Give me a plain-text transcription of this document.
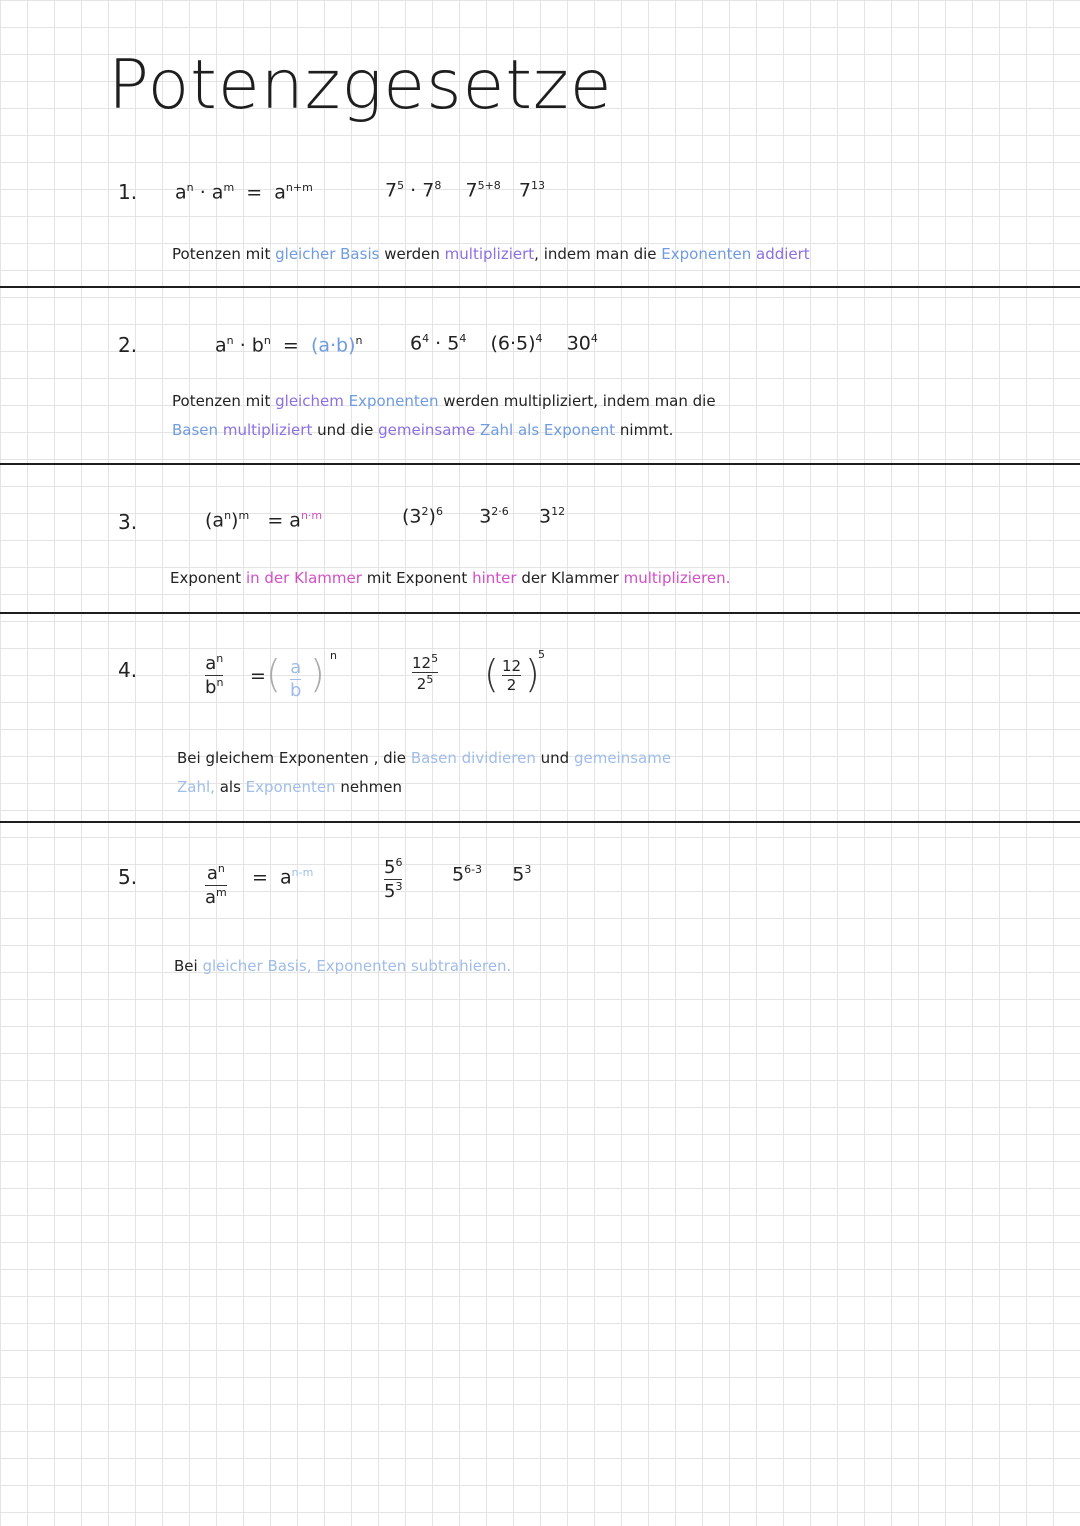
Potenzgesetze
1. $a^n \cdot a^m = a^{n+m}$	$7^5 \cdot 7^8$ $7^{5+8}$ $7^{13}$
Potenzen mit gleicher Basis werden multipliziert, indem man die Exponenten addiert
2.	$a^n \cdot b^n = (a\cdot b)^n$	$6^4 \cdot 5^4$ $(6\cdot 5)^4$ $30^4$
Potenzen mit gleichem Exponenten werden multipliziert, indem man die
Basen multipliziert und die gemeinsame Zahl als Exponent nimmt.
3.	$(a^n)^m = a^{n\cdot m}$	$(3^2)^6$ $3^{2\cdot 6}$ $3^{12}$
Exponent in der Klammer mit Exponent hinter der Klammer multiplizieren.
4.	$a^n$
$b^n$ = ( a
b ) n	$12^5$
$2^5$ ( 12
2 )
5
Bei gleichem Exponenten , die Basen dividieren und gemeinsame
Zahl, als Exponenten nehmen
5.	$a^n$
$a^m$
= $a^{n-m}$	$5^6$
$5^3$
5$^{6-3}$ $5^3$
Bei gleicher Basis, Exponenten subtrahieren.
